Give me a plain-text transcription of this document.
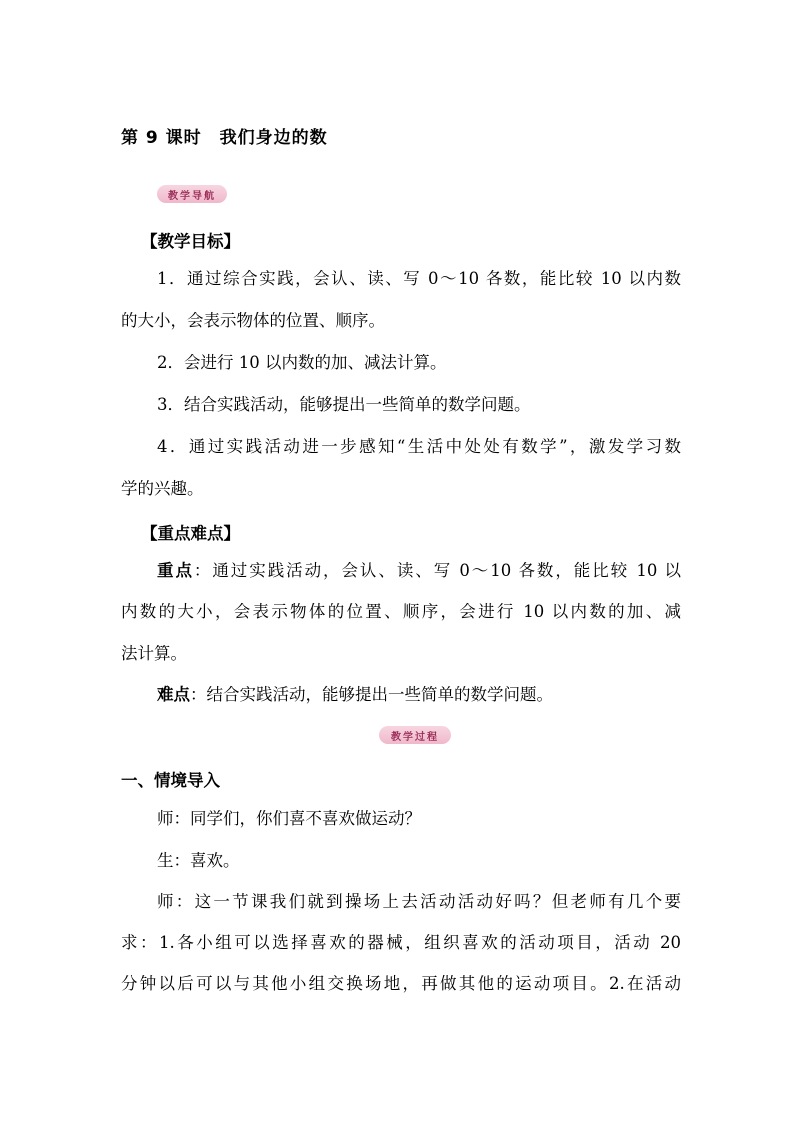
第 9 课时　我们身边的数
教学导航
【教学目标】
1．通过综合实践，会认、读、写 0～10 各数，能比较 10 以内数
的大小，会表示物体的位置、顺序。
2．会进行 10 以内数的加、减法计算。
3．结合实践活动，能够提出一些简单的数学问题。
4．通过实践活动进一步感知“生活中处处有数学”，激发学习数
学的兴趣。
【重点难点】
重点：通过实践活动，会认、读、写 0～10 各数，能比较 10 以
内数的大小，会表示物体的位置、顺序，会进行 10 以内数的加、减
法计算。
难点：结合实践活动，能够提出一些简单的数学问题。
教学过程
一、情境导入
师：同学们，你们喜不喜欢做运动？
生：喜欢。
师：这一节课我们就到操场上去活动活动好吗？但老师有几个要
求：1.各小组可以选择喜欢的器械，组织喜欢的活动项目，活动 20
分钟以后可以与其他小组交换场地，再做其他的运动项目。2.在活动
